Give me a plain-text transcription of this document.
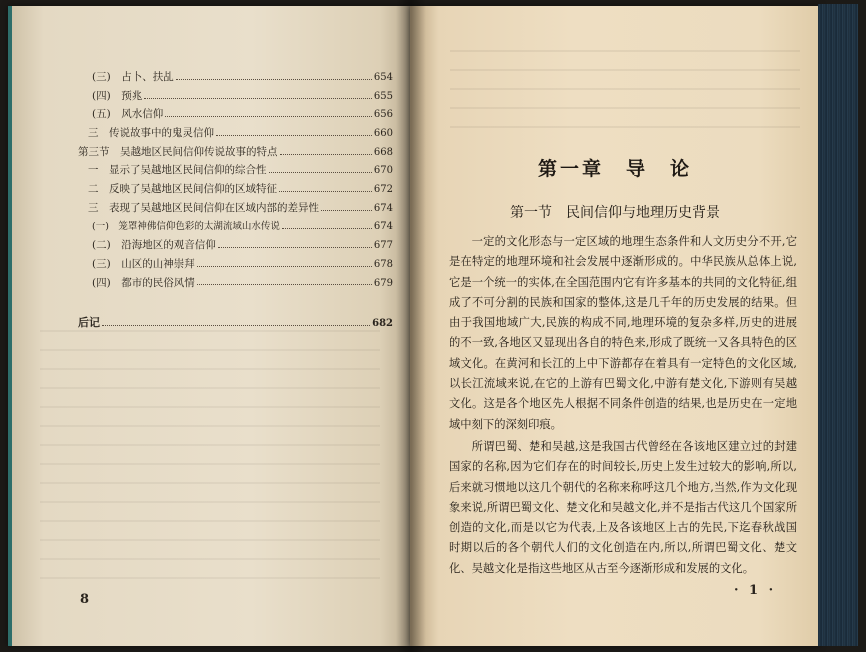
(三)　占卜、扶乩	654
(四)　预兆	655
(五)　风水信仰	656
三　传说故事中的鬼灵信仰	660
第三节　吴越地区民间信仰传说故事的特点	668
一　显示了吴越地区民间信仰的综合性	670
二　反映了吴越地区民间信仰的区域特征	672
三　表现了吴越地区民间信仰在区域内部的差异性	674
(一)　笼罩神佛信仰色彩的太湖流域山水传说	674
(二)　沿海地区的观音信仰	677
(三)　山区的山神崇拜	678
(四)　都市的民俗风情	679
后记	682
8
第一章　导　论
第一节　民间信仰与地理历史背景

一定的文化形态与一定区域的地理生态条件和人文历史分不开,它是在特定的地理环境和社会发展中逐渐形成的。中华民族从总体上说,它是一个统一的实体,在全国范围内它有许多基本的共同的文化特征,组成了不可分割的民族和国家的整体,这是几千年的历史发展的结果。但由于我国地域广大,民族的构成不同,地理环境的复杂多样,历史的进展的不一致,各地区又显现出各自的特色来,形成了既统一又各具特色的区域文化。在黄河和长江的上中下游都存在着具有一定特色的文化区域,以长江流域来说,在它的上游有巴蜀文化,中游有楚文化,下游则有吴越文化。这是各个地区先人根据不同条件创造的结果,也是历史在一定地域中刻下的深刻印痕。

所谓巴蜀、楚和吴越,这是我国古代曾经在各该地区建立过的封建国家的名称,因为它们存在的时间较长,历史上发生过较大的影响,所以,后来就习惯地以这几个朝代的名称来称呼这几个地方,当然,作为文化现象来说,所谓巴蜀文化、楚文化和吴越文化,并不是指古代这几个国家所创造的文化,而是以它为代表,上及各该地区上古的先民,下迄春秋战国时期以后的各个朝代人们的文化创造在内,所以,所谓巴蜀文化、楚文化、吴越文化是指这些地区从古至今逐渐形成和发展的文化。

· 1 ·
